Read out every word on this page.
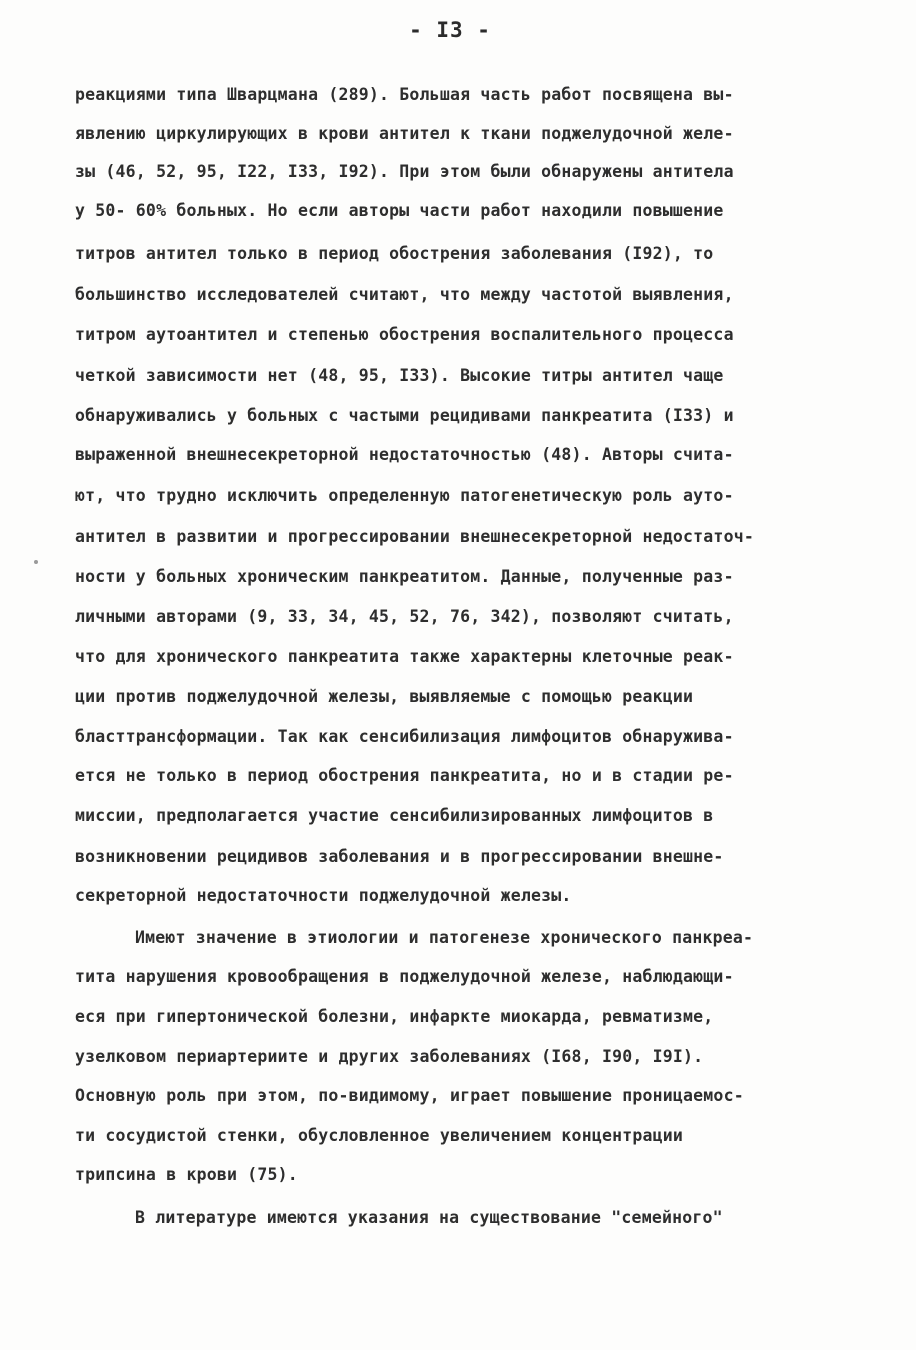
- I3 -
реакциями типа Шварцмана (289). Большая часть работ посвящена вы-
явлению циркулирующих в крови антител к ткани поджелудочной желе-
зы (46, 52, 95, I22, I33, I92). При этом были обнаружены антитела
у 50- 60% больных. Но если авторы части работ находили повышение
титров антител только в период обострения заболевания (I92), то
большинство исследователей считают, что между частотой выявления,
титром аутоантител и степенью обострения воспалительного процесса
четкой зависимости нет (48, 95, I33). Высокие титры антител чаще
обнаруживались у больных с частыми рецидивами панкреатита (I33) и
выраженной внешнесекреторной недостаточностью (48). Авторы счита-
ют, что трудно исключить определенную патогенетическую роль ауто-
антител в развитии и прогрессировании внешнесекреторной недостаточ-
ности у больных хроническим панкреатитом. Данные, полученные раз-
личными авторами (9, 33, 34, 45, 52, 76, 342), позволяют считать,
что для хронического панкреатита также характерны клеточные реак-
ции против поджелудочной железы, выявляемые с помощью реакции
бласттрансформации. Так как сенсибилизация лимфоцитов обнаружива-
ется не только в период обострения панкреатита, но и в стадии ре-
миссии, предполагается участие сенсибилизированных лимфоцитов в
возникновении рецидивов заболевания и в прогрессировании внешне-
секреторной недостаточности поджелудочной железы.
Имеют значение в этиологии и патогенезе хронического панкреа-
тита нарушения кровообращения в поджелудочной железе, наблюдающи-
еся при гипертонической болезни, инфаркте миокарда, ревматизме,
узелковом периартериите и других заболеваниях (I68, I90, I9I).
Основную роль при этом, по-видимому, играет повышение проницаемос-
ти сосудистой стенки, обусловленное увеличением концентрации
трипсина в крови (75).
В литературе имеются указания на существование "семейного"
